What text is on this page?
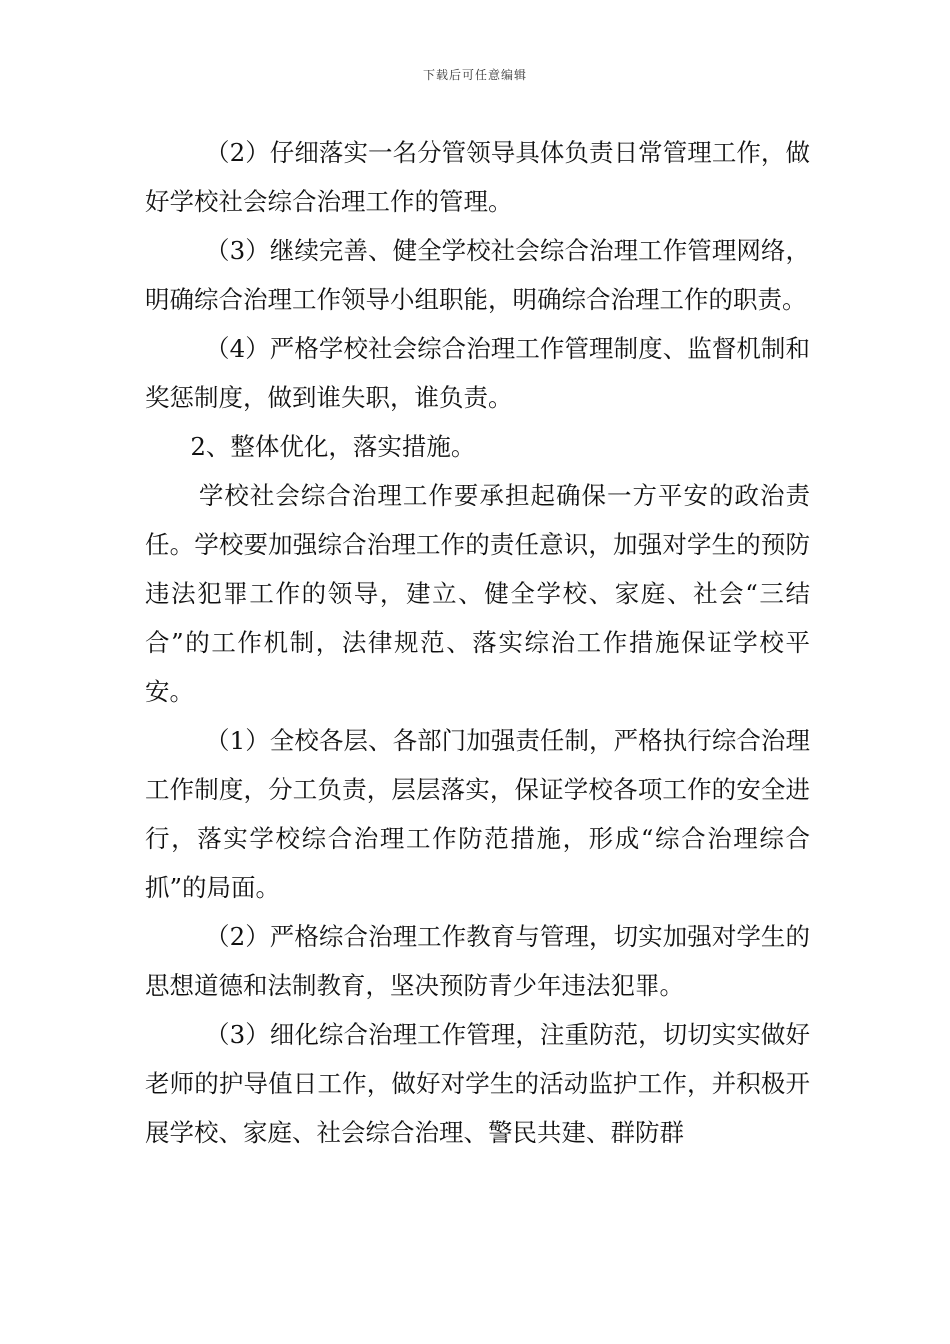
下载后可任意编辑

（2）仔细落实一名分管领导具体负责日常管理工作，做好学校社会综合治理工作的管理。

（3）继续完善、健全学校社会综合治理工作管理网络，明确综合治理工作领导小组职能，明确综合治理工作的职责。

（4）严格学校社会综合治理工作管理制度、监督机制和奖惩制度，做到谁失职，谁负责。

2、整体优化，落实措施。

学校社会综合治理工作要承担起确保一方平安的政治责任。学校要加强综合治理工作的责任意识，加强对学生的预防违法犯罪工作的领导，建立、健全学校、家庭、社会“三结合”的工作机制，法律规范、落实综治工作措施保证学校平安。

（1）全校各层、各部门加强责任制，严格执行综合治理工作制度，分工负责，层层落实，保证学校各项工作的安全进行，落实学校综合治理工作防范措施，形成“综合治理综合抓”的局面。

（2）严格综合治理工作教育与管理，切实加强对学生的思想道德和法制教育，坚决预防青少年违法犯罪。

（3）细化综合治理工作管理，注重防范，切切实实做好老师的护导值日工作，做好对学生的活动监护工作，并积极开展学校、家庭、社会综合治理、警民共建、群防群
